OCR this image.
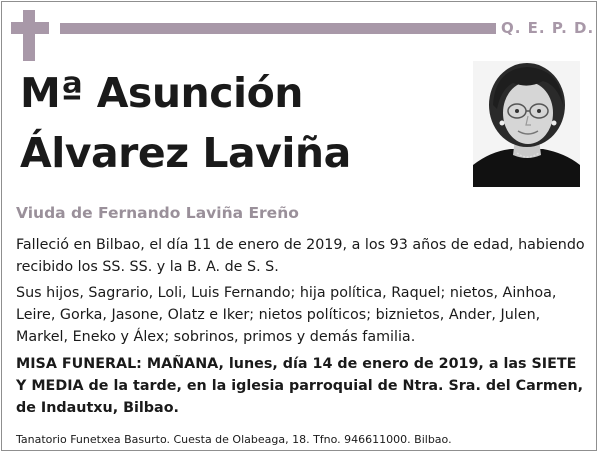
Q. E. P. D.
Mª Asunción
Álvarez Laviña
Viuda de Fernando Laviña Ereño

Falleció en Bilbao, el día 11 de enero de 2019, a los 93 años de edad, habiendo recibido los SS. SS. y la B. A. de S. S.

Sus hijos, Sagrario, Loli, Luis Fernando; hija política, Raquel; nietos, Ainhoa, Leire, Gorka, Jasone, Olatz e Iker; nietos políticos; biznietos, Ander, Julen, Markel, Eneko y Álex; sobrinos, primos y demás familia.

MISA FUNERAL: MAÑANA, lunes, día 14 de enero de 2019, a las SIETE Y MEDIA de la tarde, en la iglesia parroquial de Ntra. Sra. del Carmen, de Indautxu, Bilbao.

Tanatorio Funetxea Basurto. Cuesta de Olabeaga, 18. Tfno. 946611000. Bilbao.
